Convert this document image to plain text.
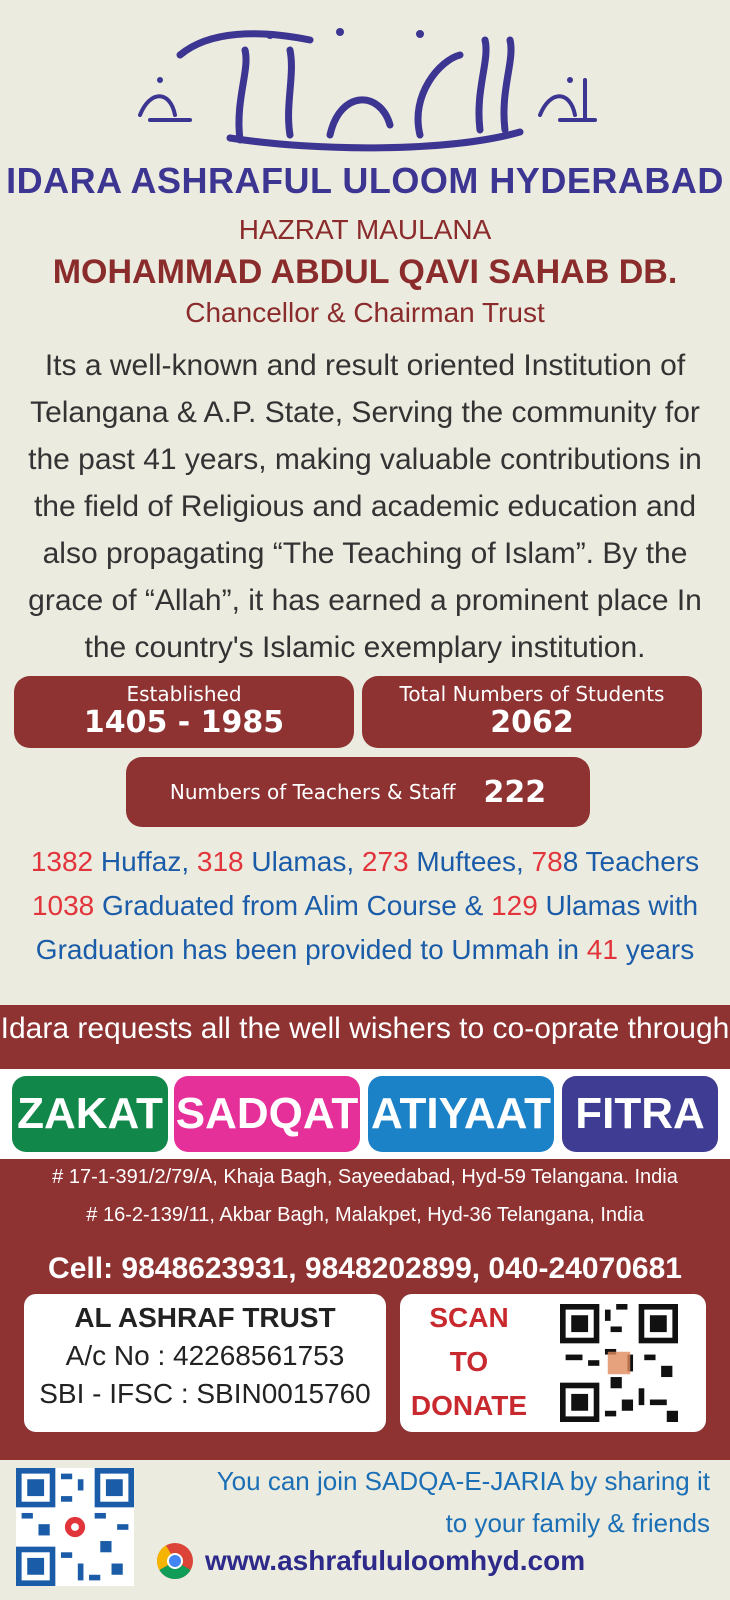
IDARA ASHRAFUL ULOOM HYDERABAD
HAZRAT MAULANA
MOHAMMAD ABDUL QAVI SAHAB DB.
Chancellor & Chairman Trust
Its a well-known and result oriented Institution of Telangana & A.P. State, Serving the community for the past 41 years, making valuable contributions in the field of Religious and academic education and also propagating “The Teaching of Islam”. By the grace of “Allah”, it has earned a prominent place In the country's Islamic exemplary institution.
Established
1405 - 1985
Total Numbers of Students
2062
Numbers of Teachers & Staff 222
1382 Huffaz, 318 Ulamas, 273 Muftees, 788 Teachers
1038 Graduated from Alim Course & 129 Ulamas with
Graduation has been provided to Ummah in 41 years
Idara requests all the well wishers to co-oprate through
ZAKAT SADQAT ATIYAAT FITRA
# 17-1-391/2/79/A, Khaja Bagh, Sayeedabad, Hyd-59 Telangana. India
# 16-2-139/11, Akbar Bagh, Malakpet, Hyd-36 Telangana, India
Cell: 9848623931, 9848202899, 040-24070681
AL ASHRAF TRUST
A/c No : 42268561753
SBI - IFSC : SBIN0015760
SCAN
TO
DONATE
You can join SADQA-E-JARIA by sharing it
to your family & friends
www.ashrafululoomhyd.com
